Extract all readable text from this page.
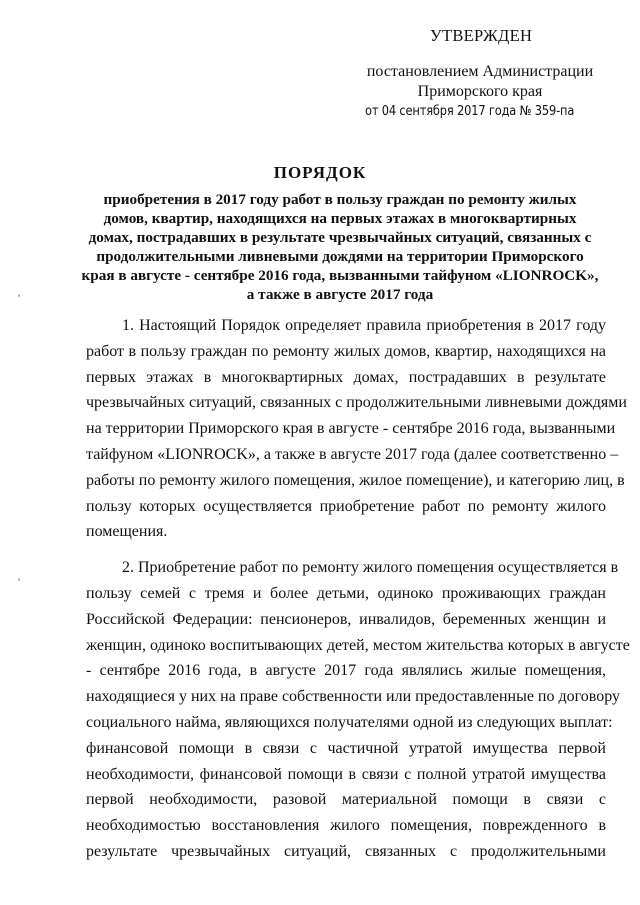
УТВЕРЖДЕН
постановлением Администрации
Приморского края
от 04 сентября 2017 года № 359-па
ПОРЯДОК
приобретения в 2017 году работ в пользу граждан по ремонту жилых
домов, квартир, находящихся на первых этажах в многоквартирных
домах, пострадавших в результате чрезвычайных ситуаций, связанных с
продолжительными ливневыми дождями на территории Приморского
края в августе - сентябре 2016 года, вызванными тайфуном «LIONROCK»,
а также в августе 2017 года
'
'
1. Настоящий Порядок определяет правила приобретения в 2017 году
работ в пользу граждан по ремонту жилых домов, квартир, находящихся на
первых этажах в многоквартирных домах, пострадавших в результате
чрезвычайных ситуаций, связанных с продолжительными ливневыми дождями
на территории Приморского края в августе - сентябре 2016 года, вызванными
тайфуном «LIONROCK», а также в августе 2017 года (далее соответственно –
работы по ремонту жилого помещения, жилое помещение), и категорию лиц, в
пользу которых осуществляется приобретение работ по ремонту жилого
помещения.
2. Приобретение работ по ремонту жилого помещения осуществляется в
пользу семей с тремя и более детьми, одиноко проживающих граждан
Российской Федерации: пенсионеров, инвалидов, беременных женщин и
женщин, одиноко воспитывающих детей, местом жительства которых в августе
- сентябре 2016 года, в августе 2017 года являлись жилые помещения,
находящиеся у них на праве собственности или предоставленные по договору
социального найма, являющихся получателями одной из следующих выплат:
финансовой помощи в связи с частичной утратой имущества первой
необходимости, финансовой помощи в связи с полной утратой имущества
первой необходимости, разовой материальной помощи в связи с
необходимостью восстановления жилого помещения, поврежденного в
результате чрезвычайных ситуаций, связанных с продолжительными
